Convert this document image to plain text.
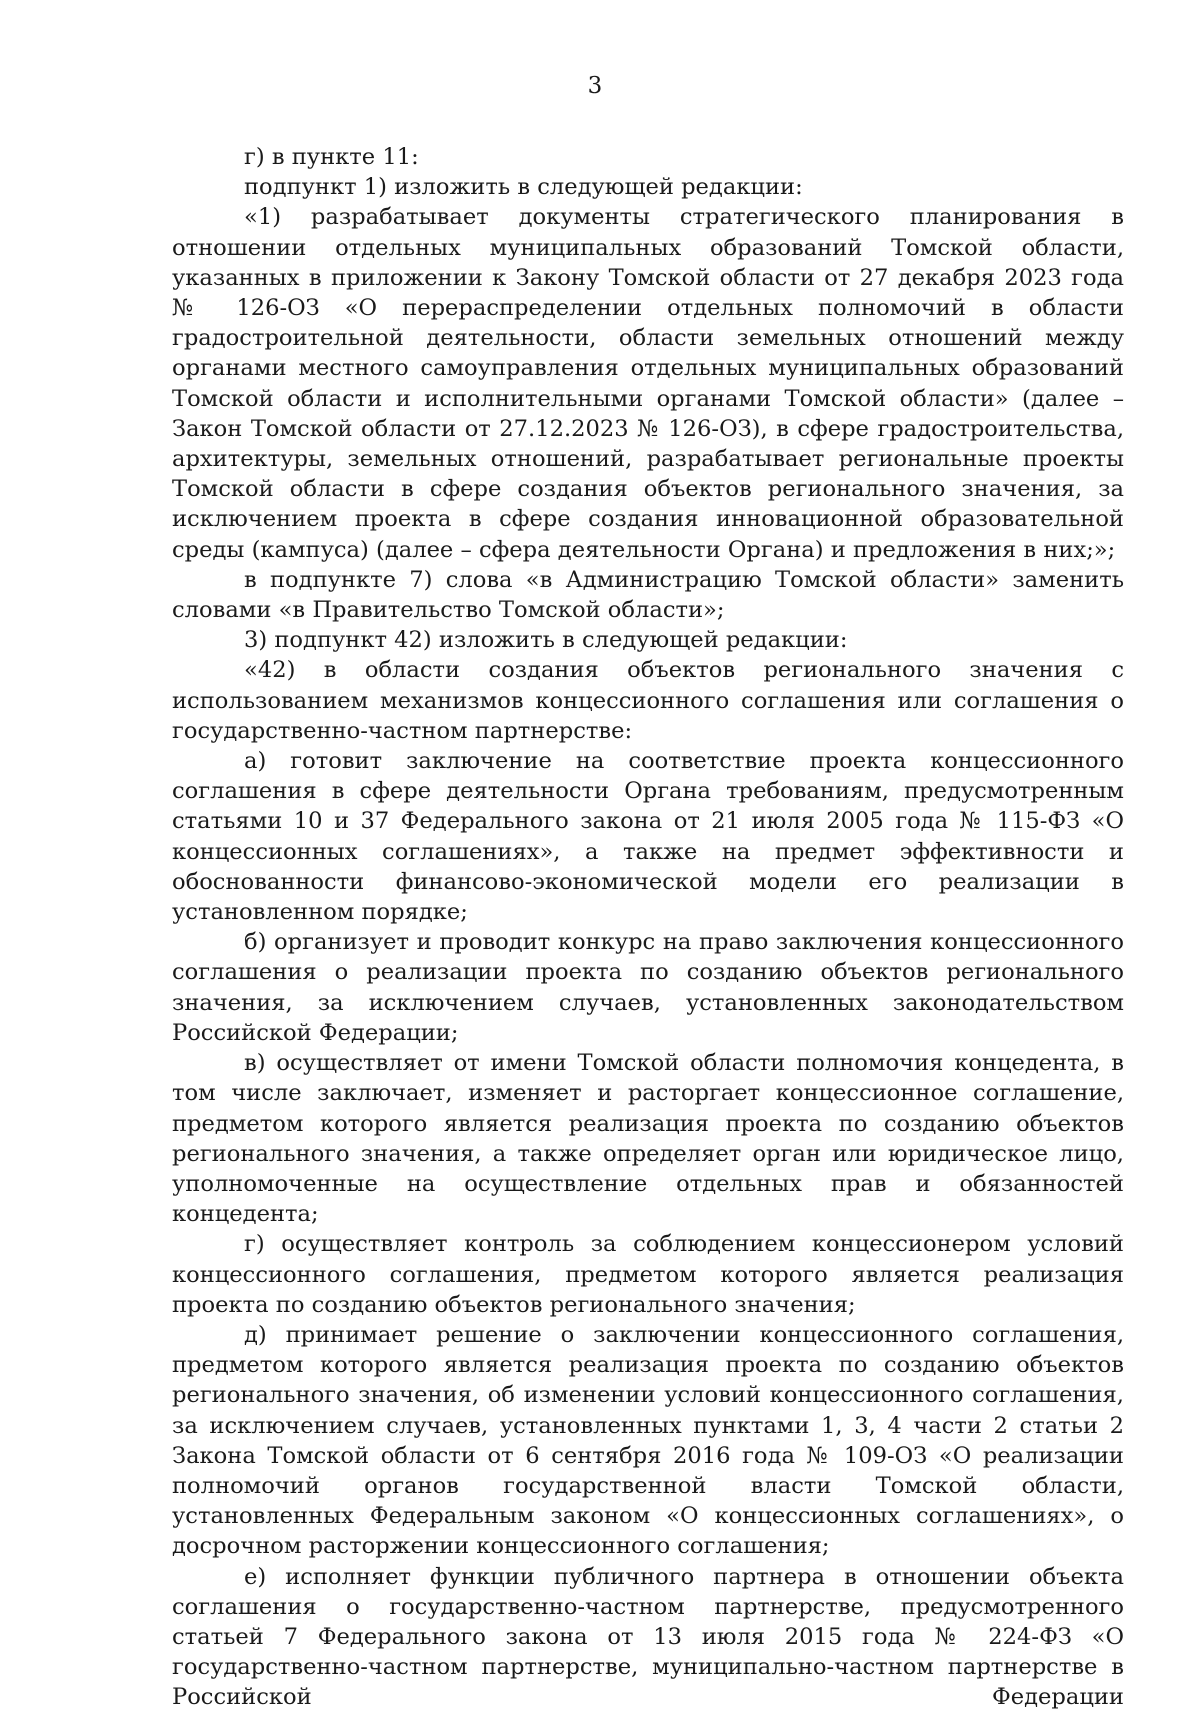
3

г) в пункте 11:

подпункт 1) изложить в следующей редакции:

«1) разрабатывает документы стратегического планирования в отношении отдельных муниципальных образований Томской области, указанных в приложении к Закону Томской области от 27 декабря 2023 года № 126-ОЗ «О перераспределении отдельных полномочий в области градостроительной деятельности, области земельных отношений между органами местного самоуправления отдельных муниципальных образований Томской области и исполнительными органами Томской области» (далее – Закон Томской области от 27.12.2023 № 126-ОЗ), в сфере градостроительства, архитектуры, земельных отношений, разрабатывает региональные проекты Томской области в сфере создания объектов регионального значения, за исключением проекта в сфере создания инновационной образовательной среды (кампуса) (далее – сфера деятельности Органа) и предложения в них;»;

в подпункте 7) слова «в Администрацию Томской области» заменить словами «в Правительство Томской области»;

3) подпункт 42) изложить в следующей редакции:

«42) в области создания объектов регионального значения с использованием механизмов концессионного соглашения или соглашения о государственно-частном партнерстве:

а) готовит заключение на соответствие проекта концессионного соглашения в сфере деятельности Органа требованиям, предусмотренным статьями 10 и 37 Федерального закона от 21 июля 2005 года № 115-ФЗ «О концессионных соглашениях», а также на предмет эффективности и обоснованности финансово-экономической модели его реализации в установленном порядке;

б) организует и проводит конкурс на право заключения концессионного соглашения о реализации проекта по созданию объектов регионального значения, за исключением случаев, установленных законодательством Российской Федерации;

в) осуществляет от имени Томской области полномочия концедента, в том числе заключает, изменяет и расторгает концессионное соглашение, предметом которого является реализация проекта по созданию объектов регионального значения, а также определяет орган или юридическое лицо, уполномоченные на осуществление отдельных прав и обязанностей концедента;

г) осуществляет контроль за соблюдением концессионером условий концессионного соглашения, предметом которого является реализация проекта по созданию объектов регионального значения;

д) принимает решение о заключении концессионного соглашения, предметом которого является реализация проекта по созданию объектов регионального значения, об изменении условий концессионного соглашения, за исключением случаев, установленных пунктами 1, 3, 4 части 2 статьи 2 Закона Томской области от 6 сентября 2016 года № 109-ОЗ «О реализации полномочий органов государственной власти Томской области, установленных Федеральным законом «О концессионных соглашениях», о досрочном расторжении концессионного соглашения;

е) исполняет функции публичного партнера в отношении объекта соглашения о государственно-частном партнерстве, предусмотренного статьей 7 Федерального закона от 13 июля 2015 года № 224-ФЗ «О государственно-частном партнерстве, муниципально-частном партнерстве в Российской Федерации
